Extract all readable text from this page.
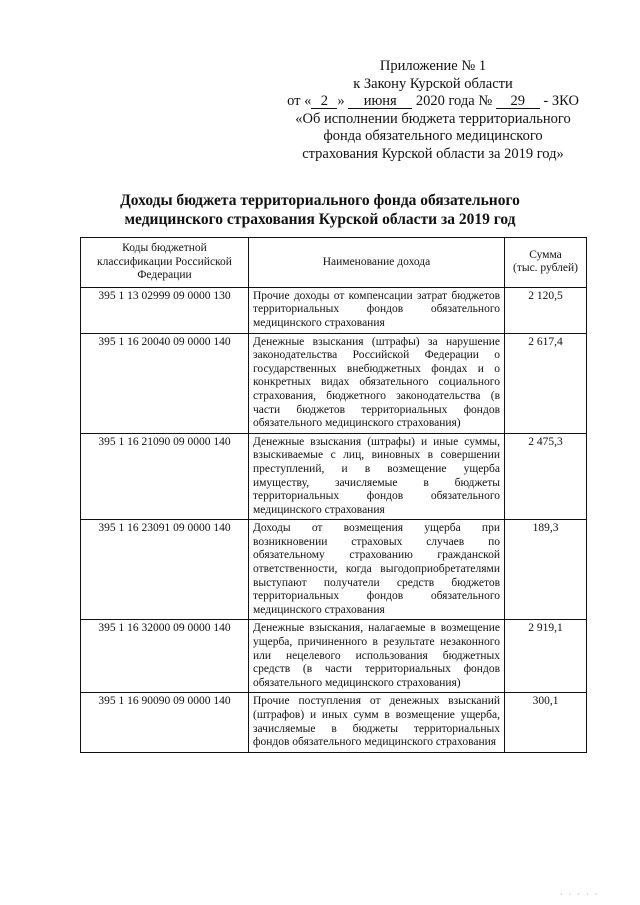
Приложение № 1
к Закону Курской области
от « 2 » июня 2020 года № 29 - ЗКО
«Об исполнении бюджета территориального
фонда обязательного медицинского
страхования Курской области за 2019 год»
Доходы бюджета территориального фонда обязательного
медицинского страхования Курской области за 2019 год
Коды бюджетной классификации Российской Федерации	Наименование дохода	Сумма
(тыс. рублей)

395 1 13 02999 09 0000 130	Прочие доходы от компенсации затрат бюджетов территориальных фондов обязательного медицинского страхования	2 120,5
395 1 16 20040 09 0000 140	Денежные взыскания (штрафы) за нарушение законодательства Российской Федерации о государственных внебюджетных фондах и о конкретных видах обязательного социального страхования, бюджетного законодательства (в части бюджетов территориальных фондов обязательного медицинского страхования)	2 617,4
395 1 16 21090 09 0000 140	Денежные взыскания (штрафы) и иные суммы, взыскиваемые с лиц, виновных в совершении преступлений, и в возмещение ущерба имуществу, зачисляемые в бюджеты территориальных фондов обязательного медицинского страхования	2 475,3
395 1 16 23091 09 0000 140	Доходы от возмещения ущерба при возникновении страховых случаев по обязательному страхованию гражданской ответственности, когда выгодоприобретателями выступают получатели средств бюджетов территориальных фондов обязательного медицинского страхования	189,3
395 1 16 32000 09 0000 140	Денежные взыскания, налагаемые в возмещение ущерба, причиненного в результате незаконного или нецелевого использования бюджетных средств (в части территориальных фондов обязательного медицинского страхования)	2 919,1
395 1 16 90090 09 0000 140	Прочие поступления от денежных взысканий (штрафов) и иных сумм в возмещение ущерба, зачисляемые в бюджеты территориальных фондов обязательного медицинского страхования	300,1
· · · · ·
